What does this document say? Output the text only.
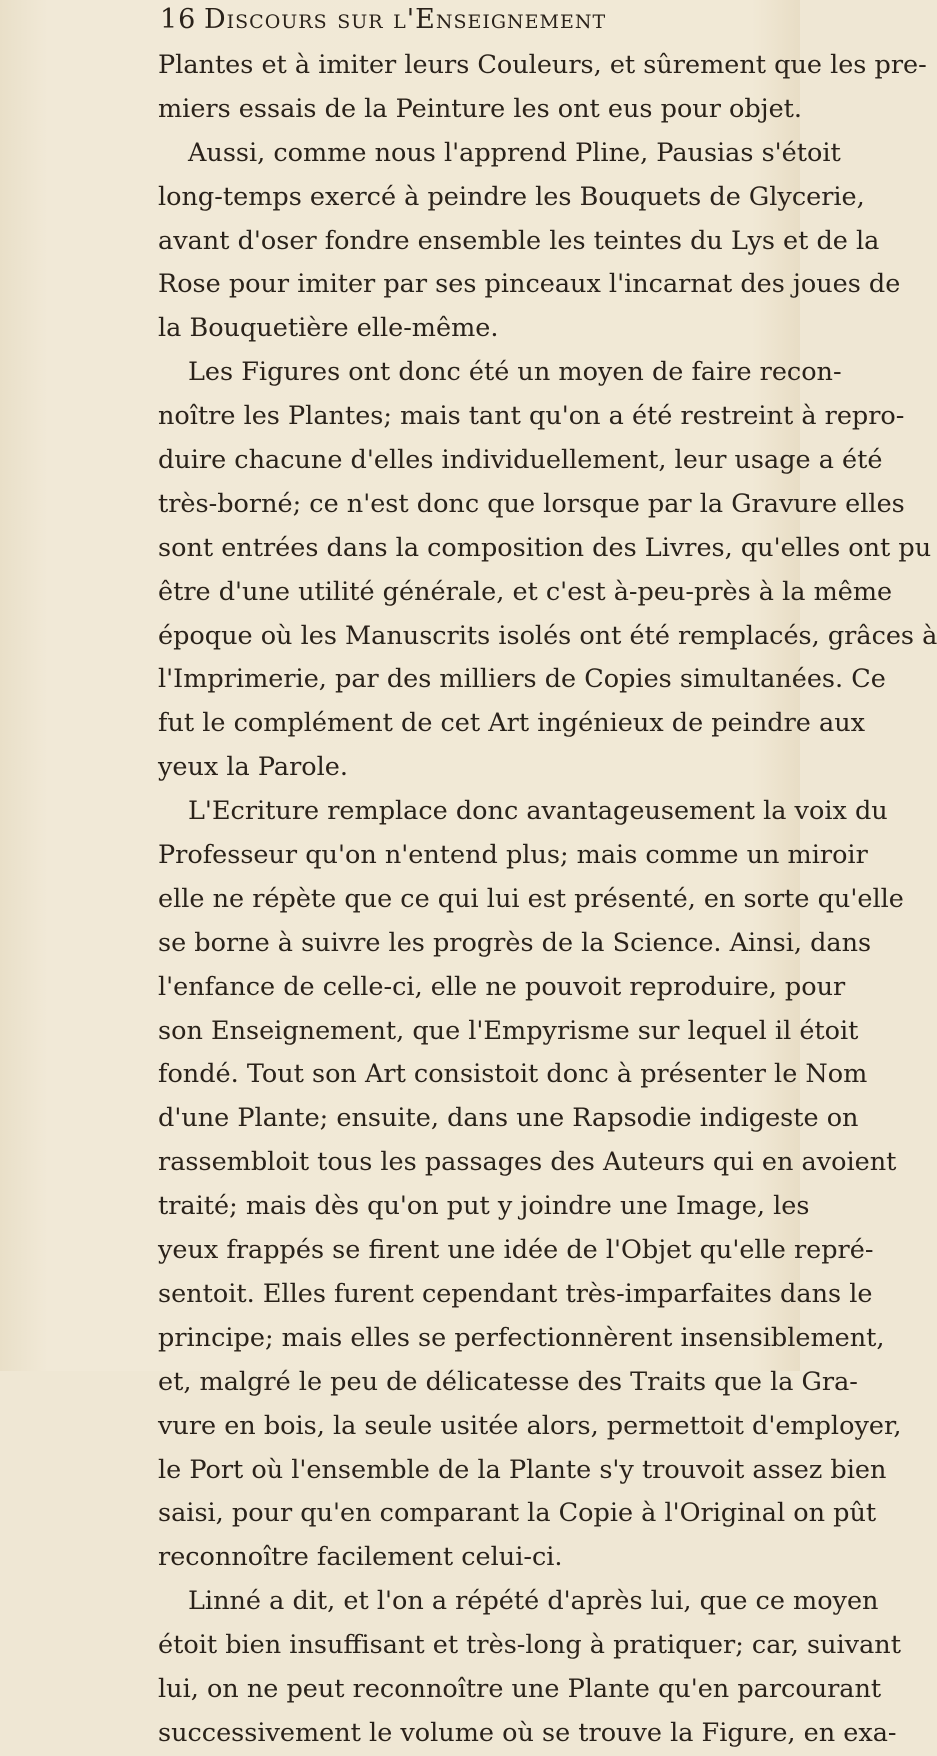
16 Discours sur l'Enseignement
Plantes et à imiter leurs Couleurs, et sûrement que les pre-
miers essais de la Peinture les ont eus pour objet.
Aussi, comme nous l'apprend Pline, Pausias s'étoit
long-temps exercé à peindre les Bouquets de Glycerie,
avant d'oser fondre ensemble les teintes du Lys et de la
Rose pour imiter par ses pinceaux l'incarnat des joues de
la Bouquetière elle-même.
Les Figures ont donc été un moyen de faire recon-
noître les Plantes; mais tant qu'on a été restreint à repro-
duire chacune d'elles individuellement, leur usage a été
très-borné; ce n'est donc que lorsque par la Gravure elles
sont entrées dans la composition des Livres, qu'elles ont pu
être d'une utilité générale, et c'est à-peu-près à la même
époque où les Manuscrits isolés ont été remplacés, grâces à
l'Imprimerie, par des milliers de Copies simultanées. Ce
fut le complément de cet Art ingénieux de peindre aux
yeux la Parole.
L'Ecriture remplace donc avantageusement la voix du
Professeur qu'on n'entend plus; mais comme un miroir
elle ne répète que ce qui lui est présenté, en sorte qu'elle
se borne à suivre les progrès de la Science. Ainsi, dans
l'enfance de celle-ci, elle ne pouvoit reproduire, pour
son Enseignement, que l'Empyrisme sur lequel il étoit
fondé. Tout son Art consistoit donc à présenter le Nom
d'une Plante; ensuite, dans une Rapsodie indigeste on
rassembloit tous les passages des Auteurs qui en avoient
traité; mais dès qu'on put y joindre une Image, les
yeux frappés se firent une idée de l'Objet qu'elle repré-
sentoit. Elles furent cependant très-imparfaites dans le
principe; mais elles se perfectionnèrent insensiblement,
et, malgré le peu de délicatesse des Traits que la Gra-
vure en bois, la seule usitée alors, permettoit d'employer,
le Port où l'ensemble de la Plante s'y trouvoit assez bien
saisi, pour qu'en comparant la Copie à l'Original on pût
reconnoître facilement celui-ci.
Linné a dit, et l'on a répété d'après lui, que ce moyen
étoit bien insuffisant et très-long à pratiquer; car, suivant
lui, on ne peut reconnoître une Plante qu'en parcourant
successivement le volume où se trouve la Figure, en exa-
